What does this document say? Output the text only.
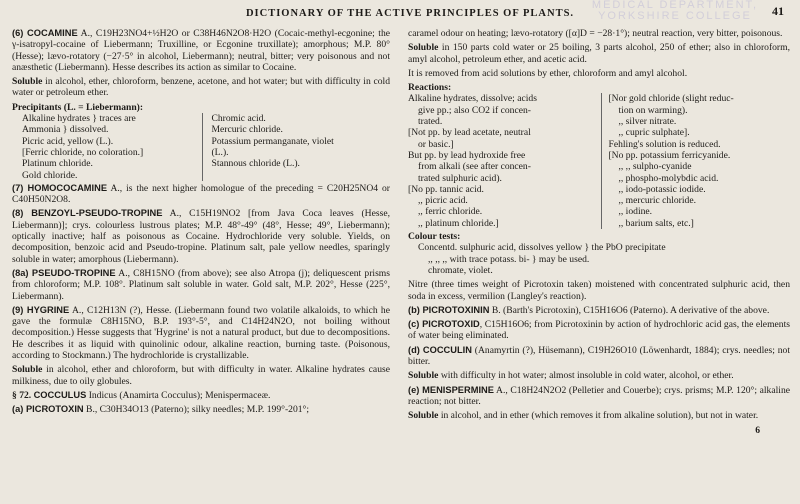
MEDICAL DEPARTMENT, YORKSHIRE COLLEGE
DICTIONARY OF THE ACTIVE PRINCIPLES OF PLANTS.	41

(6) COCAMINE A., C19H23NO4+½H2O or C38H46N2O8·H2O (Cocaic-methyl-ecgonine; the γ-isatropyl-cocaine of Liebermann; Truxilline, or Ecgonine truxillate); amorphous; M.P. 80° (Hesse); lævo-rotatory (−27·5° in alcohol, Liebermann); neutral, bitter; very poisonous and not anæsthetic (Liebermann). Hesse describes its action as similar to Cocaine.

Soluble in alcohol, ether, chloroform, benzene, acetone, and hot water; but with difficulty in cold water or petroleum ether.

Precipitants (L. = Liebermann):

Alkaline hydrates } traces are
Ammonia } dissolved.
Picric acid, yellow (L.).
[Ferric chloride, no coloration.]
Platinum chloride.
Gold chloride.
Chromic acid.
Mercuric chloride.
Potassium permanganate, violet
(L.).
Stannous chloride (L.).

(7) HOMOCOCAMINE A., is the next higher homologue of the preceding = C20H25NO4 or C40H50N2O8.

(8) BENZOYL-PSEUDO-TROPINE A., C15H19NO2 [from Java Coca leaves (Hesse, Liebermann)]; crys. colourless lustrous plates; M.P. 48°-49° (48°, Hesse; 49°, Liebermann); optically inactive; half as poisonous as Cocaine. Hydrochloride very soluble. Yields, on decomposition, benzoic acid and Pseudo-tropine. Platinum salt, pale yellow needles, sparingly soluble in water; amorphous (Liebermann).

(8a) PSEUDO-TROPINE A., C8H15NO (from above); see also Atropa (j); deliquescent prisms from chloroform; M.P. 108°. Platinum salt soluble in water. Gold salt, M.P. 202°, Hesse (225°, Liebermann).

(9) HYGRINE A., C12H13N (?), Hesse. (Liebermann found two volatile alkaloids, to which he gave the formulæ C8H15NO, B.P. 193°-5°, and C14H24N2O, not boiling without decomposition.) Hesse suggests that 'Hygrine' is not a natural product, but due to decompositions. He describes it as liquid with quinolinic odour, alkaline reaction, burning taste. (Poisonous, according to Stockmann.) The hydrochloride is crystallizable.

Soluble in alcohol, ether and chloroform, but with difficulty in water. Alkaline hydrates cause milkiness, due to oily globules.

§ 72. COCCULUS Indicus (Anamirta Cocculus); Menispermaceæ.

(a) PICROTOXIN B., C30H34O13 (Paterno); silky needles; M.P. 199°-201°;

caramel odour on heating; lævo-rotatory ([α]D = −28·1°); neutral reaction, very bitter, poisonous.

Soluble in 150 parts cold water or 25 boiling, 3 parts alcohol, 250 of ether; also in chloroform, amyl alcohol, petroleum ether, and acetic acid.

It is removed from acid solutions by ether, chloroform and amyl alcohol.

Reactions:

Alkaline hydrates, dissolve; acids
give pp.; also CO2 if concen-
trated.
[Not pp. by lead acetate, neutral
or basic.]
But pp. by lead hydroxide free
from alkali (see after concen-
trated sulphuric acid).
[No pp. tannic acid.
,, picric acid.
,, ferric chloride.
,, platinum chloride.]
[Nor gold chloride (slight reduc-
tion on warming).
,, silver nitrate.
,, cupric sulphate].
Fehling's solution is reduced.
[No pp. potassium ferricyanide.
,, ,, sulpho-cyanide
,, phospho-molybdic acid.
,, iodo-potassic iodide.
,, mercuric chloride.
,, iodine.
,, barium salts, etc.]

Colour tests:

Concentd. sulphuric acid, dissolves yellow } the PbO precipitate
,, ,, ,, with trace potass. bi- } may be used.
chromate, violet.

Nitre (three times weight of Picrotoxin taken) moistened with concentrated sulphuric acid, then soda in excess, vermilion (Langley's reaction).

(b) PICROTOXININ B. (Barth's Picrotoxin), C15H16O6 (Paterno). A derivative of the above.

(c) PICROTOXID, C15H16O6; from Picrotoxinin by action of hydrochloric acid gas, the elements of water being eliminated.

(d) COCCULIN (Anamyrtin (?), Hüsemann), C19H26O10 (Löwenhardt, 1884); crys. needles; not bitter.

Soluble with difficulty in hot water; almost insoluble in cold water, alcohol, or ether.

(e) MENISPERMINE A., C18H24N2O2 (Pelletier and Couerbe); crys. prisms; M.P. 120°; alkaline reaction; not bitter.

Soluble in alcohol, and in ether (which removes it from alkaline solution), but not in water.

6
